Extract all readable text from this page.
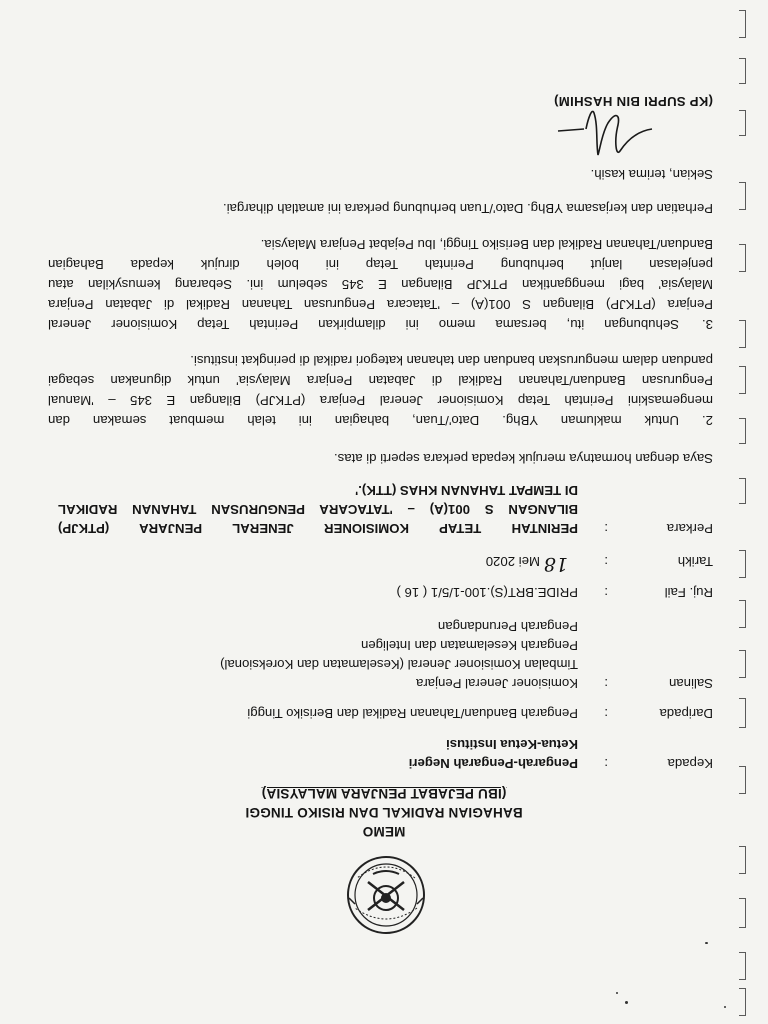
MEMO
BAHAGIAN RADIKAL DAN RISIKO TINGGI
(IBU PEJABAT PENJARA MALAYSIA)
Kepada
:
Pengarah-Pengarah Negeri
Ketua-Ketua Institusi
Daripada
:
Pengarah Banduan/Tahanan Radikal dan Berisiko Tinggi
Salinan
:
Komisioner Jeneral Penjara
Timbalan Komisioner Jeneral (Keselamatan dan Koreksional)
Pengarah Keselamatan dan Inteligen
Pengarah Perundangan
Ruj. Fail
:
PRIDE.BRT(S).100-1/5/1 ( 16 )
Tarikh
:
18
Mei 2020
Perkara
:
PERINTAH TETAP KOMISIONER JENERAL PENJARA (PTKJP)
BILANGAN S 001(A) – 'TATACARA PENGURUSAN TAHANAN RADIKAL
DI TEMPAT TAHANAN KHAS (TTK).'
Saya dengan hormatnya merujuk kepada perkara seperti di atas.
2.Untuk makluman YBhg. Dato'/Tuan, bahagian ini telah membuat semakan dan
mengemaskini Perintah Tetap Komisioner Jeneral Penjara (PTKJP) Bilangan E 345 – 'Manual
Pengurusan Banduan/Tahanan Radikal di Jabatan Penjara Malaysia' untuk digunakan sebagai
panduan dalam menguruskan banduan dan tahanan kategori radikal di peringkat institusi.
3.Sehubungan itu, bersama memo ini dilampirkan Perintah Tetap Komisioner Jeneral
Penjara (PTKJP) Bilangan S 001(A) – 'Tatacara Pengurusan Tahanan Radikal di Jabatan Penjara
Malaysia' bagi menggantikan PTKJP Bilangan E 345 sebelum ini. Sebarang kemusykilan atau
penjelasan lanjut berhubung Perintah Tetap ini boleh dirujuk kepada Bahagian
Banduan/Tahanan Radikal dan Berisiko Tinggi, Ibu Pejabat Penjara Malaysia.
Perhatian dan kerjasama YBhg. Dato'/Tuan berhubung perkara ini amatlah dihargai.
Sekian, terima kasih.
(KP SUPRI BIN HASHIM)
